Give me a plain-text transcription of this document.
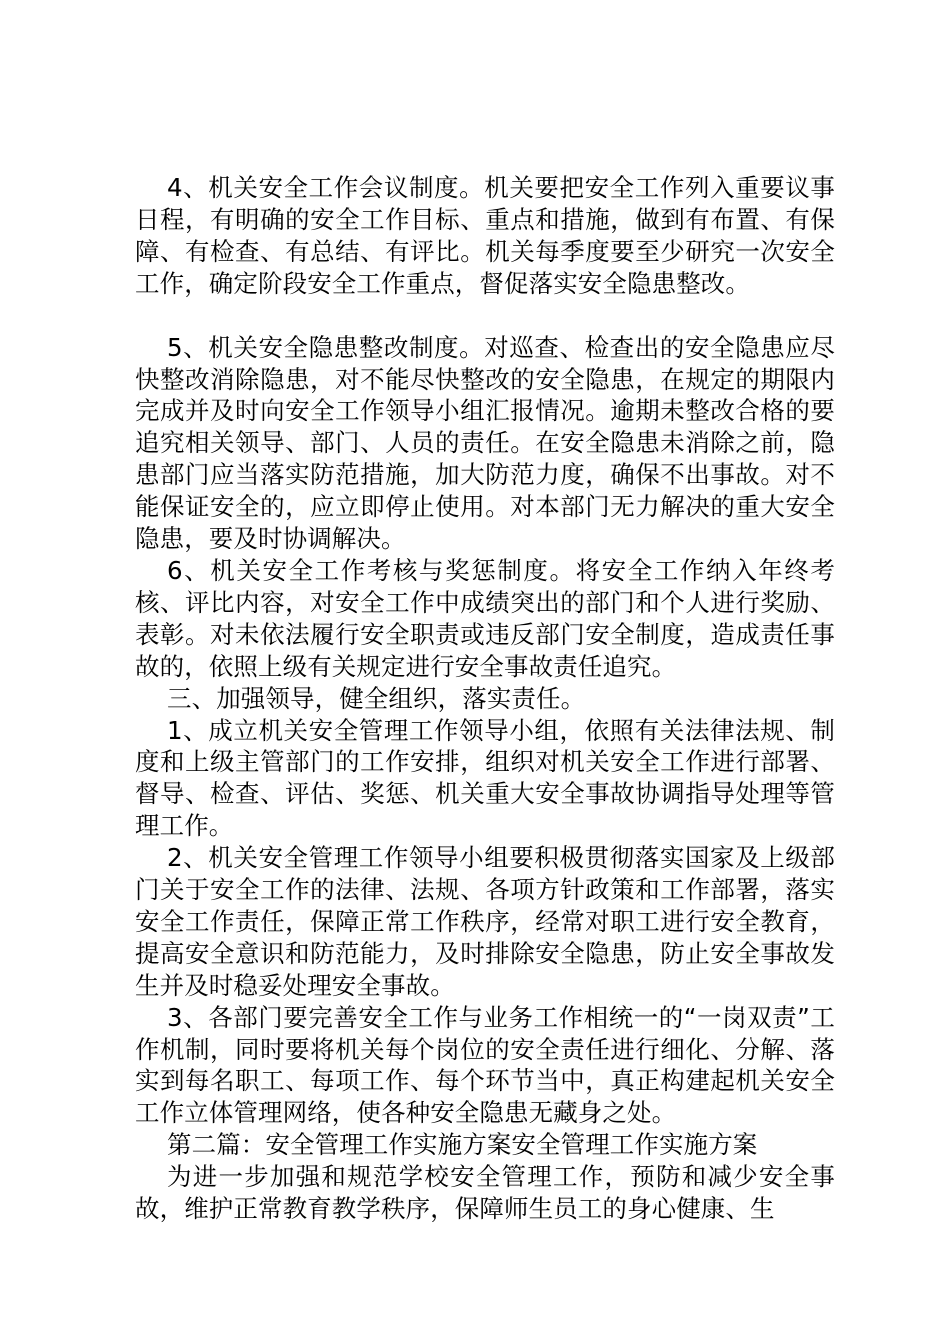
4、机关安全工作会议制度。机关要把安全工作列入重要议事日程，有明确的安全工作目标、重点和措施，做到有布置、有保障、有检查、有总结、有评比。机关每季度要至少研究一次安全工作，确定阶段安全工作重点，督促落实安全隐患整改。

5、机关安全隐患整改制度。对巡查、检查出的安全隐患应尽快整改消除隐患，对不能尽快整改的安全隐患，在规定的期限内完成并及时向安全工作领导小组汇报情况。逾期未整改合格的要追究相关领导、部门、人员的责任。在安全隐患未消除之前，隐患部门应当落实防范措施，加大防范力度，确保不出事故。对不能保证安全的，应立即停止使用。对本部门无力解决的重大安全隐患，要及时协调解决。

6、机关安全工作考核与奖惩制度。将安全工作纳入年终考核、评比内容，对安全工作中成绩突出的部门和个人进行奖励、表彰。对未依法履行安全职责或违反部门安全制度，造成责任事故的，依照上级有关规定进行安全事故责任追究。

三、加强领导，健全组织，落实责任。

1、成立机关安全管理工作领导小组，依照有关法律法规、制度和上级主管部门的工作安排，组织对机关安全工作进行部署、督导、检查、评估、奖惩、机关重大安全事故协调指导处理等管理工作。

2、机关安全管理工作领导小组要积极贯彻落实国家及上级部门关于安全工作的法律、法规、各项方针政策和工作部署，落实安全工作责任，保障正常工作秩序，经常对职工进行安全教育，提高安全意识和防范能力，及时排除安全隐患，防止安全事故发生并及时稳妥处理安全事故。

3、各部门要完善安全工作与业务工作相统一的“一岗双责”工作机制，同时要将机关每个岗位的安全责任进行细化、分解、落实到每名职工、每项工作、每个环节当中，真正构建起机关安全工作立体管理网络，使各种安全隐患无藏身之处。

第二篇：安全管理工作实施方案安全管理工作实施方案

为进一步加强和规范学校安全管理工作，预防和减少安全事故，维护正常教育教学秩序，保障师生员工的身心健康、生
